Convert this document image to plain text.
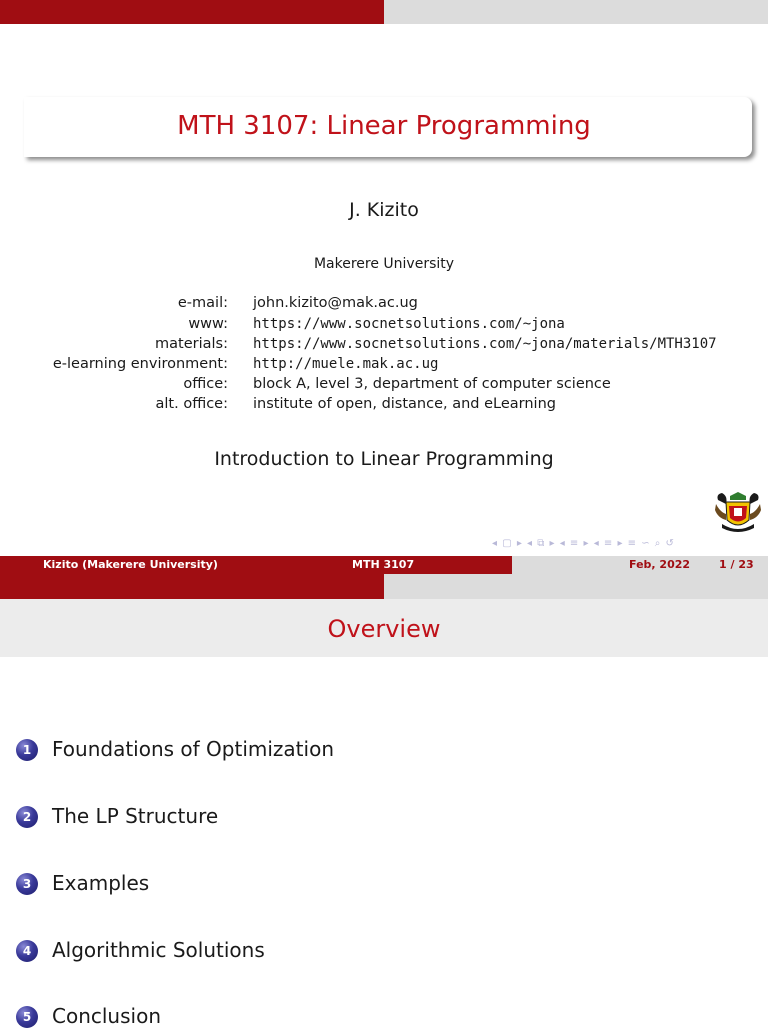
MTH 3107: Linear Programming
J. Kizito
Makerere University
e-mail: john.kizito@mak.ac.ug
www: https://www.socnetsolutions.com/~jona
materials: https://www.socnetsolutions.com/~jona/materials/MTH3107
e-learning environment: http://muele.mak.ac.ug
office: block A, level 3, department of computer science
alt. office: institute of open, distance, and eLearning
Introduction to Linear Programming
◂ ▢ ▸ ◂ ⧉ ▸ ◂ ≡ ▸ ◂ ≡ ▸ ≡ ∽ ⌕ ↺
Kizito (Makerere University)	MTH 3107	Feb, 2022	1 / 23
Overview
1	Foundations of Optimization
2	The LP Structure
3	Examples
4	Algorithmic Solutions
5	Conclusion
